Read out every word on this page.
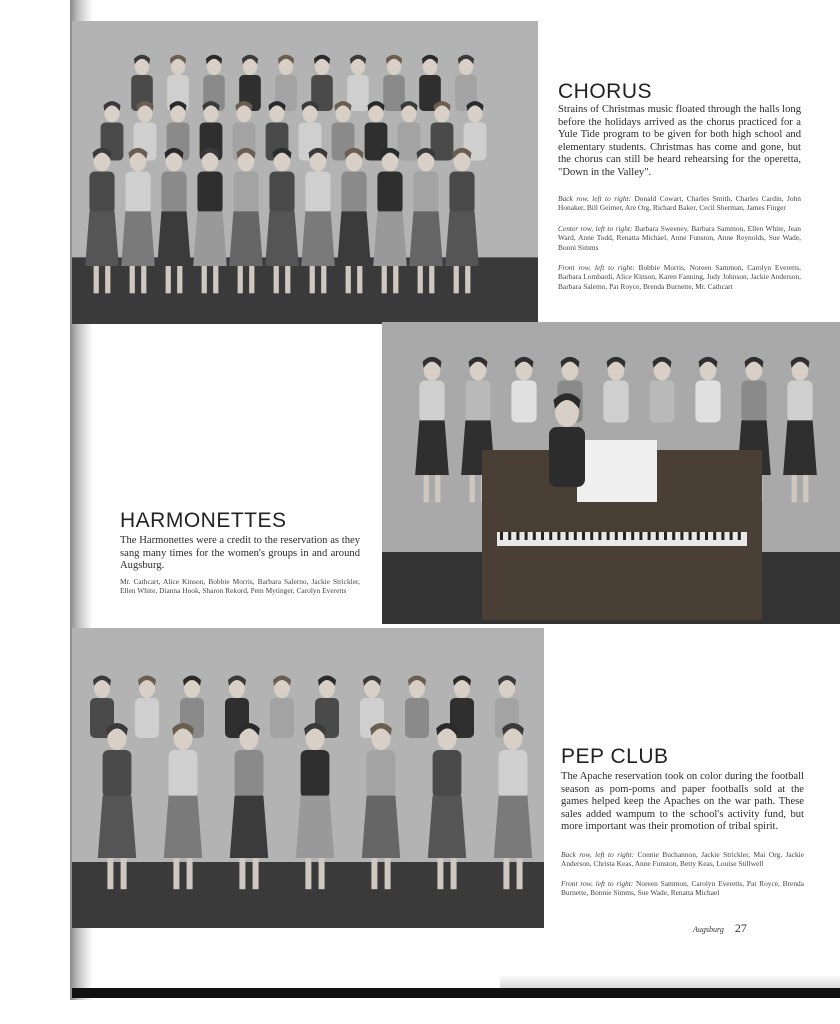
CHORUS

Strains of Christmas music floated through the halls long before the holidays arrived as the chorus practiced for a Yule Tide program to be given for both high school and elementary students. Christmas has come and gone, but the chorus can still be heard rehearsing for the operetta, "Down in the Valley".

Back row, left to right: Donald Cowart, Charles Smith, Charles Cardin, John Honaker, Bill Geimer, Are Org, Richard Baker, Cecil Sherman, James Finger

Center row, left to right: Barbara Sweeney, Barbara Sammon, Ellen White, Jean Ward, Anne Todd, Renatta Michael, Anne Funston, Anne Reynolds, Sue Wade, Bonni Simms

Front row, left to right: Bobbie Morris, Noreen Sammon, Carolyn Everetts, Barbara Lombardi, Alice Kinson, Karen Fanning, Judy Johnson, Jackie Anderson, Barbara Salemo, Pat Royce, Brenda Burnette, Mr. Cathcart

HARMONETTES

The Harmonettes were a credit to the reservation as they sang many times for the women's groups in and around Augsburg.

Mr. Cathcart, Alice Kinson, Bobbie Morris, Barbara Salerno, Jackie Strickler, Ellen White, Dianna Hook, Sharon Rekord, Pem Mytinger, Carolyn Everetts

PEP CLUB

The Apache reservation took on color during the football season as pom-poms and paper footballs sold at the games helped keep the Apaches on the war path. These sales added wampum to the school's activity fund, but more important was their promotion of tribal spirit.

Back row, left to right: Connie Buchannon, Jackie Strickler, Mai Org, Jackie Anderson, Christa Keas, Anne Funston, Betty Keas, Louise Stillwell

Front row, left to right: Noreen Sammon, Carolyn Everetts, Pat Royce, Brenda Burnette, Bonnie Simms, Sue Wade, Renatta Michael

Augsburg 27
